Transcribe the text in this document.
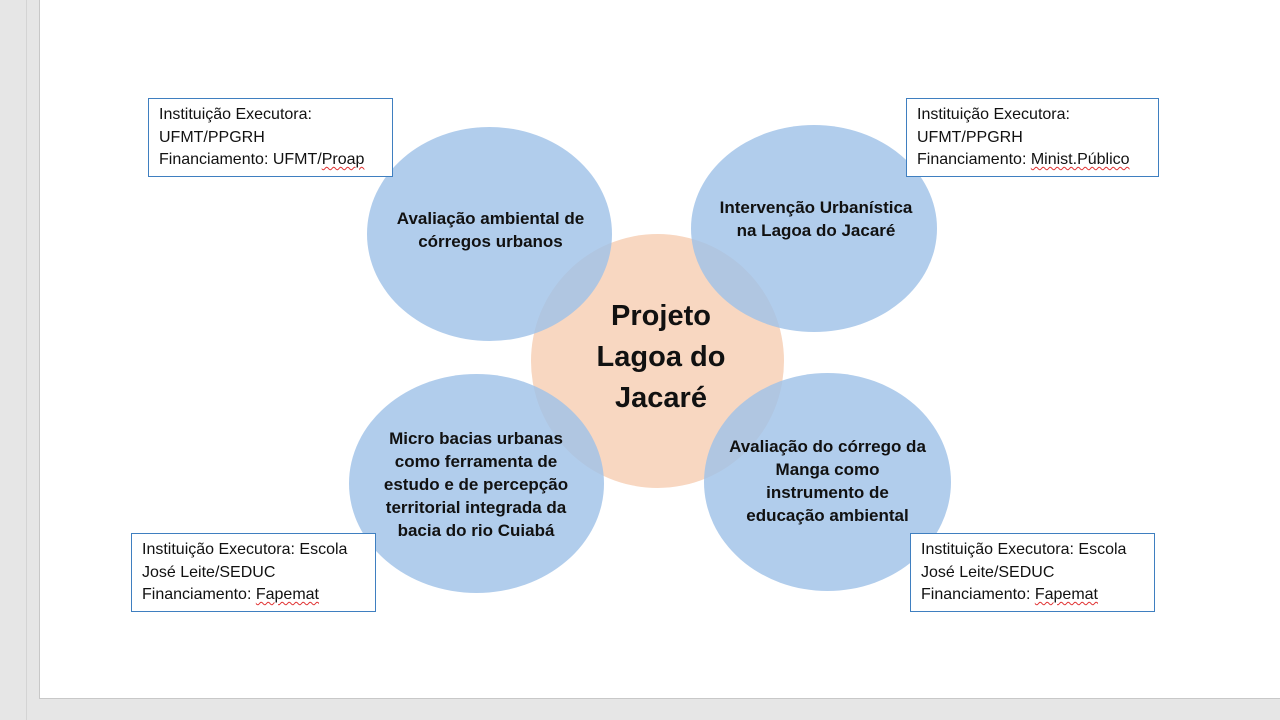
Projeto
Lagoa do
Jacaré
Avaliação ambiental de córregos urbanos
Intervenção Urbanística na Lagoa do Jacaré
Micro bacias urbanas como ferramenta de estudo e de percepção territorial integrada da bacia do rio Cuiabá
Avaliação do córrego da Manga como instrumento de educação ambiental
Instituição Executora:
UFMT/PPGRH
Financiamento: UFMT/Proap
Instituição Executora:
UFMT/PPGRH
Financiamento: Minist.Público
Instituição Executora: Escola
José Leite/SEDUC
Financiamento: Fapemat
Instituição Executora: Escola
José Leite/SEDUC
Financiamento: Fapemat
